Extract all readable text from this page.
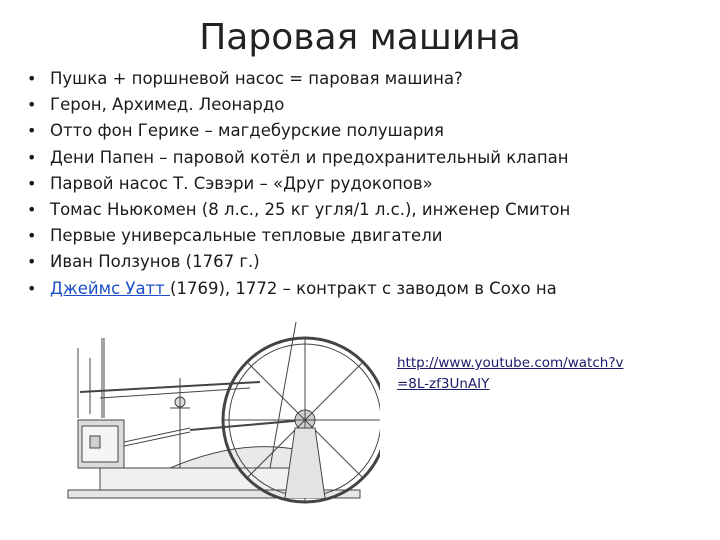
Паровая машина
• Пушка + поршневой насос = паровая машина?
• Герон, Архимед. Леонардо
• Отто фон Герике – магдебурские полушария
• Дени Папен – паровой котёл и предохранительный клапан
• Парвой насос Т. Сэвэри – «Друг рудокопов»
• Томас Ньюкомен (8 л.с., 25 кг угля/1 л.с.), инженер Смитон
• Первые универсальные тепловые двигатели
• Иван Ползунов (1767 г.)
• Джеймс Уатт (1769), 1772 – контракт с заводом в Сохо на
http://www.youtube.com/watch?v
=8L-zf3UnAIY
